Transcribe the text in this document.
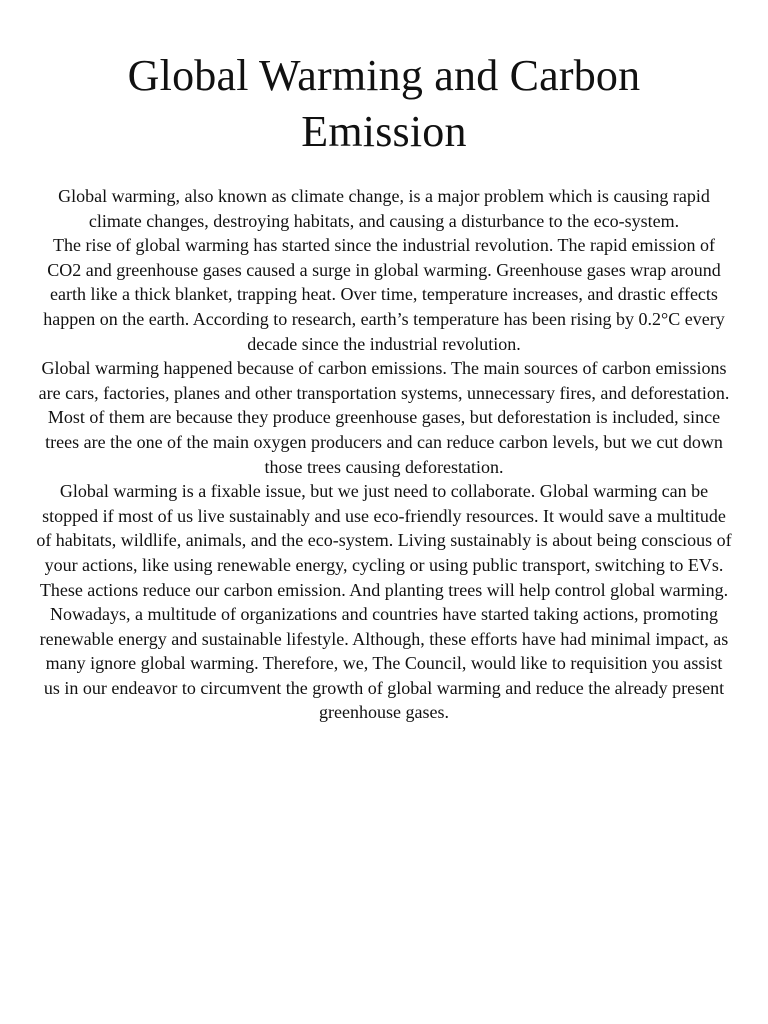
Global Warming and Carbon Emission

Global warming, also known as climate change, is a major problem which is causing rapid climate changes, destroying habitats, and causing a disturbance to the eco-system.

The rise of global warming has started since the industrial revolution. The rapid emission of CO2 and greenhouse gases caused a surge in global warming. Greenhouse gases wrap around earth like a thick blanket, trapping heat. Over time, temperature increases, and drastic effects happen on the earth. According to research, earth’s temperature has been rising by 0.2°C every decade since the industrial revolution.

Global warming happened because of carbon emissions. The main sources of carbon emissions are cars, factories, planes and other transportation systems, unnecessary fires, and deforestation. Most of them are because they produce greenhouse gases, but deforestation is included, since trees are the one of the main oxygen producers and can reduce carbon levels, but we cut down those trees causing deforestation.

Global warming is a fixable issue, but we just need to collaborate. Global warming can be stopped if most of us live sustainably and use eco-friendly resources. It would save a multitude of habitats, wildlife, animals, and the eco-system. Living sustainably is about being conscious of your actions, like using renewable energy, cycling or using public transport, switching to EVs. These actions reduce our carbon emission. And planting trees will help control global warming.

Nowadays, a multitude of organizations and countries have started taking actions, promoting renewable energy and sustainable lifestyle. Although, these efforts have had minimal impact, as many ignore global warming. Therefore, we, The Council, would like to requisition you assist us in our endeavor to circumvent the growth of global warming and reduce the already present greenhouse gases.
